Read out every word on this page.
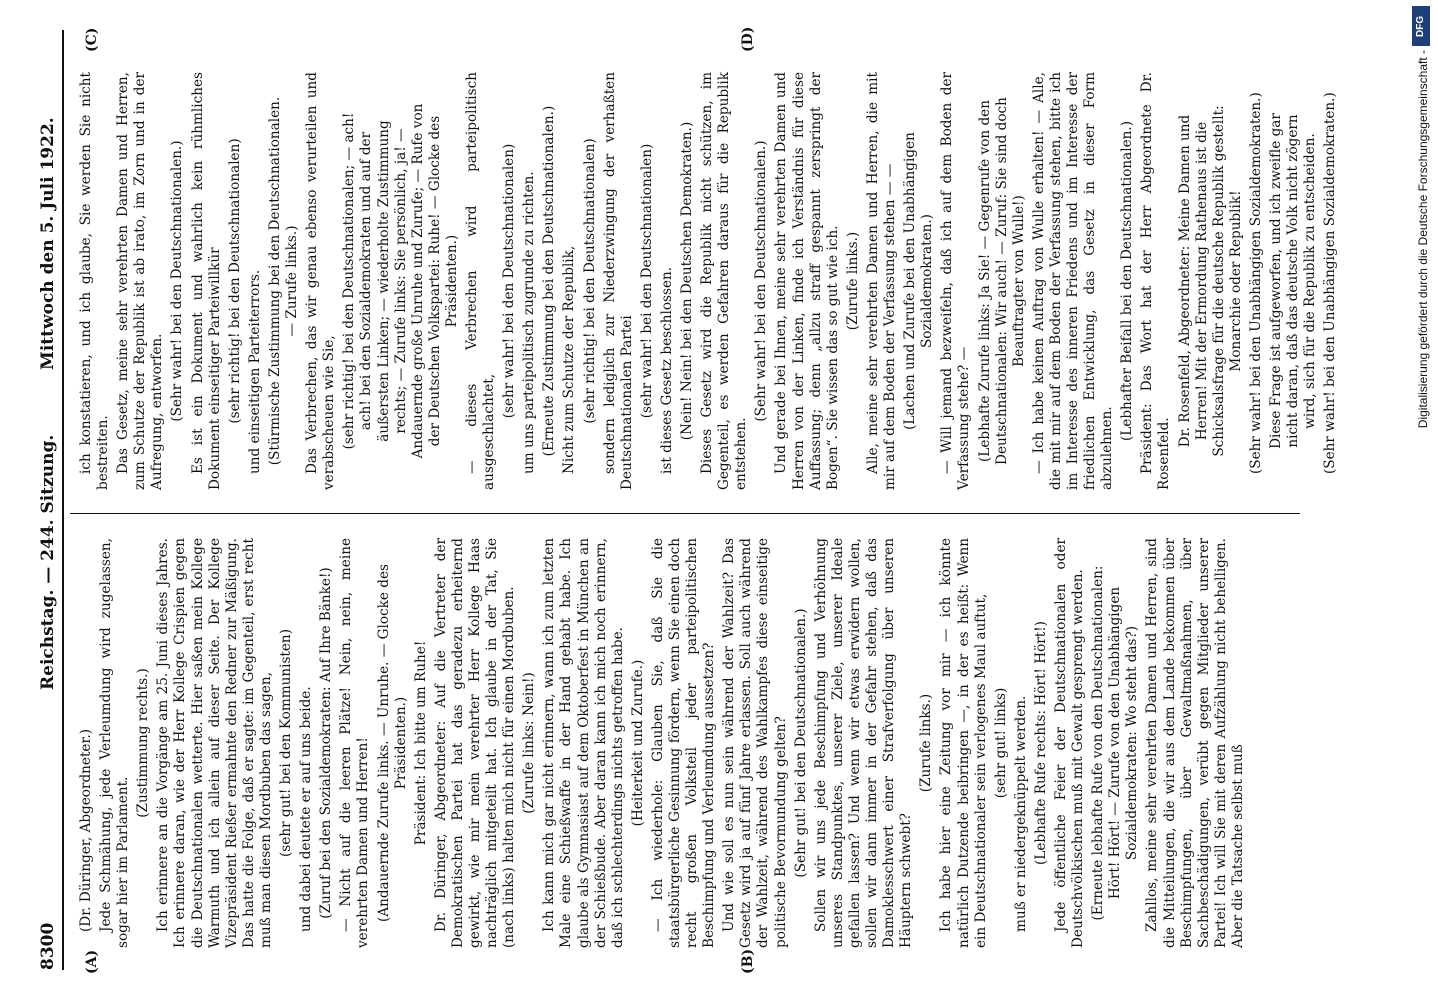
8300
Reichstag. — 244. Sitzung.
Mittwoch den 5. Juli 1922.
(A)	(B)
(C)	(D)

(Dr. Düringer, Abgeordneter.) Jede Schmähung, jede Verleumdung wird zugelassen, sogar hier im Parlament.

(Zustimmung rechts.) Ich erinnere an die Vorgänge am 25. Juni dieses Jahres. Ich erinnere daran, wie der Herr Kollege Crispien gegen die Deutschnationalen wetterte. Hier saßen mein Kollege Warmuth und ich allein auf dieser Seite. Der Kollege Vizepräsident Rießer ermahnte den Redner zur Mäßigung. Das hatte die Folge, daß er sagte: im Gegenteil, erst recht muß man diesen Mordbuben das sagen, (sehr gut! bei den Kommunisten) und dabei deutete er auf uns beide. (Zuruf bei den Sozialdemokraten: Auf Ihre Bänke!) — Nicht auf die leeren Plätze! Nein, nein, meine verehrten Damen und Herren! (Andauernde Zurufe links. — Unruhe. — Glocke des Präsidenten.) Präsident: Ich bitte um Ruhe! Dr. Düringer, Abgeordneter: Auf die Vertreter der Demokratischen Partei hat das geradezu erheiternd gewirkt, wie mir mein verehrter Herr Kollege Haas nachträglich mitgeteilt hat. Ich glaube in der Tat, Sie (nach links) halten mich nicht für einen Mordbuben. (Zurufe links: Nein!) Ich kann mich gar nicht erinnern, wann ich zum letzten Male eine Schießwaffe in der Hand gehabt habe. Ich glaube als Gymnasiast auf dem Oktoberfest in München an der Schießbude. Aber daran kann ich mich noch erinnern, daß ich schlechterdings nichts getroffen habe. (Heiterkeit und Zurufe.) — Ich wiederhole: Glauben Sie, daß Sie die staatsbürgerliche Gesinnung fördern, wenn Sie einen doch recht großen Volksteil jeder parteipolitischen Beschimpfung und Verleumdung aussetzen? Und wie soll es nun sein während der Wahlzeit? Das Gesetz wird ja auf fünf Jahre erlassen. Soll auch während der Wahlzeit, während des Wahlkampfes diese einseitige politische Bevormundung gelten? (Sehr gut! bei den Deutschnationalen.) Sollen wir uns jede Beschimpfung und Verhöhnung unseres Standpunktes, unserer Ziele, unserer Ideale gefallen lassen? Und wenn wir etwas erwidern wollen, sollen wir dann immer in der Gefahr stehen, daß das Damoklesschwert einer Strafverfolgung über unseren Häuptern schwebt?

(Zurufe links.) Ich habe hier eine Zeitung vor mir — ich könnte natürlich Dutzende beibringen —, in der es heißt: Wenn ein Deutschnationaler sein verlogenes Maul auftut, (sehr gut! links) muß er niedergeknüppelt werden. (Lebhafte Rufe rechts: Hört! Hört!) Jede öffentliche Feier der Deutschnationalen oder Deutschvölkischen muß mit Gewalt gesprengt werden. (Erneute lebhafte Rufe von den Deutschnationalen: Hört! Hört! — Zurufe von den Unabhängigen Sozialdemokraten: Wo steht das?) Zahllos, meine sehr verehrten Damen und Herren, sind die Mitteilungen, die wir aus dem Lande bekommen über Beschimpfungen, über Gewaltmaßnahmen, über Sachbeschädigungen, verübt gegen Mitglieder unserer Partei! Ich will Sie mit deren Aufzählung nicht behelligen. Aber die Tatsache selbst muß

ich konstatieren, und ich glaube, Sie werden Sie nicht bestreiten. Das Gesetz, meine sehr verehrten Damen und Herren, zum Schutze der Republik ist ab irato, im Zorn und in der Aufregung, entworfen. (Sehr wahr! bei den Deutschnationalen.) Es ist ein Dokument und wahrlich kein rühmliches Dokument einseitiger Parteiwillkür (sehr richtig! bei den Deutschnationalen) und einseitigen Parteiterrors. (Stürmische Zustimmung bei den Deutschnationalen. — Zurufe links.) Das Verbrechen, das wir genau ebenso verurteilen und verabscheuen wie Sie, (sehr richtig! bei den Deutschnationalen; — ach! ach! bei den Sozialdemokraten und auf der äußersten Linken; — wiederholte Zustimmung rechts; — Zurufe links: Sie persönlich, ja! — Andauernde große Unruhe und Zurufe; — Rufe von der Deutschen Volkspartei: Ruhe! — Glocke des Präsidenten.) — dieses Verbrechen wird parteipolitisch ausgeschlachtet,

(sehr wahr! bei den Deutschnationalen) um uns parteipolitisch zugrunde zu richten. (Erneute Zustimmung bei den Deutschnationalen.) Nicht zum Schutze der Republik, (sehr richtig! bei den Deutschnationalen) sondern lediglich zur Niederzwingung der verhaßten Deutschnationalen Partei (sehr wahr! bei den Deutschnationalen) ist dieses Gesetz beschlossen. (Nein! Nein! bei den Deutschen Demokraten.) Dieses Gesetz wird die Republik nicht schützen, im Gegenteil, es werden Gefahren daraus für die Republik entstehen.

(Sehr wahr! bei den Deutschnationalen.) Und gerade bei Ihnen, meine sehr verehrten Damen und Herren von der Linken, finde ich Verständnis für diese Auffassung; denn „allzu straff gespannt zerspringt der Bogen“. Sie wissen das so gut wie ich. (Zurufe links.) Alle, meine sehr verehrten Damen und Herren, die mit mir auf dem Boden der Verfassung stehen — — (Lachen und Zurufe bei den Unabhängigen Sozialdemokraten.) — Will jemand bezweifeln, daß ich auf dem Boden der Verfassung stehe? — (Lebhafte Zurufe links: Ja Sie! — Gegenrufe von den Deutschnationalen: Wir auch! — Zuruf: Sie sind doch Beauftragter von Wulle!) — Ich habe keinen Auftrag von Wulle erhalten! — Alle, die mit mir auf dem Boden der Verfassung stehen, bitte ich im Interesse des inneren Friedens und im Interesse der friedlichen Entwicklung, das Gesetz in dieser Form abzulehnen.

(Lebhafter Beifall bei den Deutschnationalen.) Präsident: Das Wort hat der Herr Abgeordnete Dr. Rosenfeld.

Dr. Rosenfeld, Abgeordneter: Meine Damen und Herren! Mit der Ermordung Rathenaus ist die Schicksalsfrage für die deutsche Republik gestellt: Monarchie oder Republik! (Sehr wahr! bei den Unabhängigen Sozialdemokraten.) Diese Frage ist aufgeworfen, und ich zweifle gar nicht daran, daß das deutsche Volk nicht zögern wird, sich für die Republik zu entscheiden. (Sehr wahr! bei den Unabhängigen Sozialdemokraten.)	Digitalisierung gefördert durch die Deutsche Forschungsgemeinschaft -
DFG
